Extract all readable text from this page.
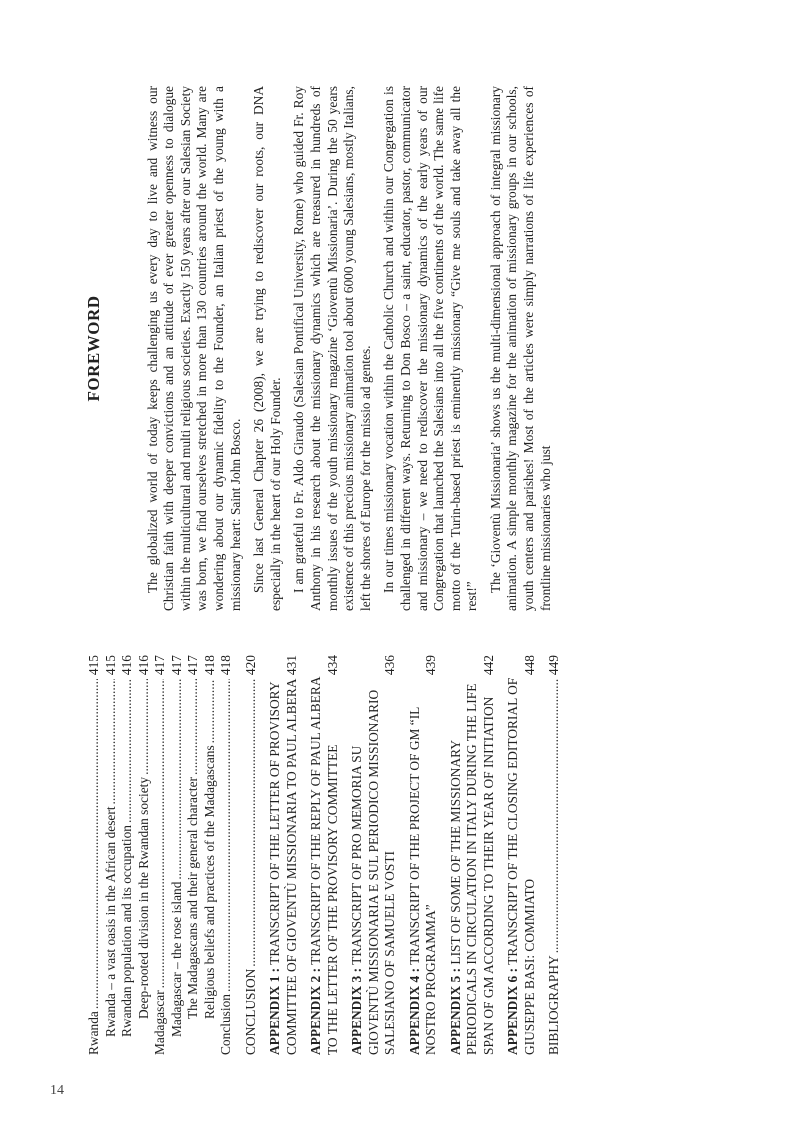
14
Rwanda
.....
415
Rwanda – a vast oasis in the African desert
.....
415
Rwandan population and its occupation
.....
416
Deep-rooted division in the Rwandan society
.....
416
Madagascar
.....
417
Madagascar – the rose island
.....
417
The Madagascans and their general character
.....
417
Religious beliefs and practices of the Madagascans
.....
418
Conclusion
.....
418
CONCLUSION
.....
420
APPENDIX 1 : TRANSCRIPT OF THE LETTER OF PROVISORY COMMITTEE OF GIOVENTÙ MISSIONARIA TO PAUL ALBERA
431
APPENDIX 2 : TRANSCRIPT OF THE REPLY OF PAUL ALBERA TO THE LETTER OF THE PROVISORY COMMITTEE
434
APPENDIX 3 : TRANSCRIPT OF PRO MEMORIA SU GIOVENTÙ MISSIONARIA E SUL PERIODICO MISSIONARIO SALESIANO OF SAMUELE VOSTI
436
APPENDIX 4 : TRANSCRIPT OF THE PROJECT OF GM “IL NOSTRO PROGRAMMA”
439
APPENDIX 5 : LIST OF SOME OF THE MISSIONARY PERIODICALS IN CIRCULATION IN ITALY DURING THE LIFE SPAN OF GM ACCORDING TO THEIR YEAR OF INITIATION
442
APPENDIX 6 : TRANSCRIPT OF THE CLOSING EDITORIAL OF GIUSEPPE BASI: COMMIATO
448
BIBLIOGRAPHY
.....
449
FOREWORD	The globalized world of today keeps challenging us every day to live and witness our Christian faith with deeper convictions and an attitude of ever greater openness to dialogue within the multicultural and multi religious societies. Exactly 150 years after our Salesian Society was born, we find ourselves stretched in more than 130 countries around the world. Many are wondering about our dynamic fidelity to the Founder, an Italian priest of the young with a missionary heart: Saint John Bosco. Since last General Chapter 26 (2008), we are trying to rediscover our roots, our DNA especially in the heart of our Holy Founder. I am grateful to Fr. Aldo Giraudo (Salesian Pontifical University, Rome) who guided Fr. Roy Anthony in his research about the missionary dynamics which are treasured in hundreds of monthly issues of the youth missionary magazine ‘Gioventù Missionaria’. During the 50 years existence of this precious missionary animation tool about 6000 young Salesians, mostly Italians, left the shores of Europe for the missio ad gentes. In our times missionary vocation within the Catholic Church and within our Congregation is challenged in different ways. Returning to Don Bosco – a saint, educator, pastor, communicator and missionary – we need to rediscover the missionary dynamics of the early years of our Congregation that launched the Salesians into all the five continents of the world. The same life motto of the Turin-based priest is eminently missionary “Give me souls and take away all the rest!”

The ‘Gioventù Missionaria’ shows us the multi-dimensional approach of integral missionary animation. A simple monthly magazine for the animation of missionary groups in our schools, youth centers and parishes! Most of the articles were simply narrations of life experiences of frontline missionaries who just
